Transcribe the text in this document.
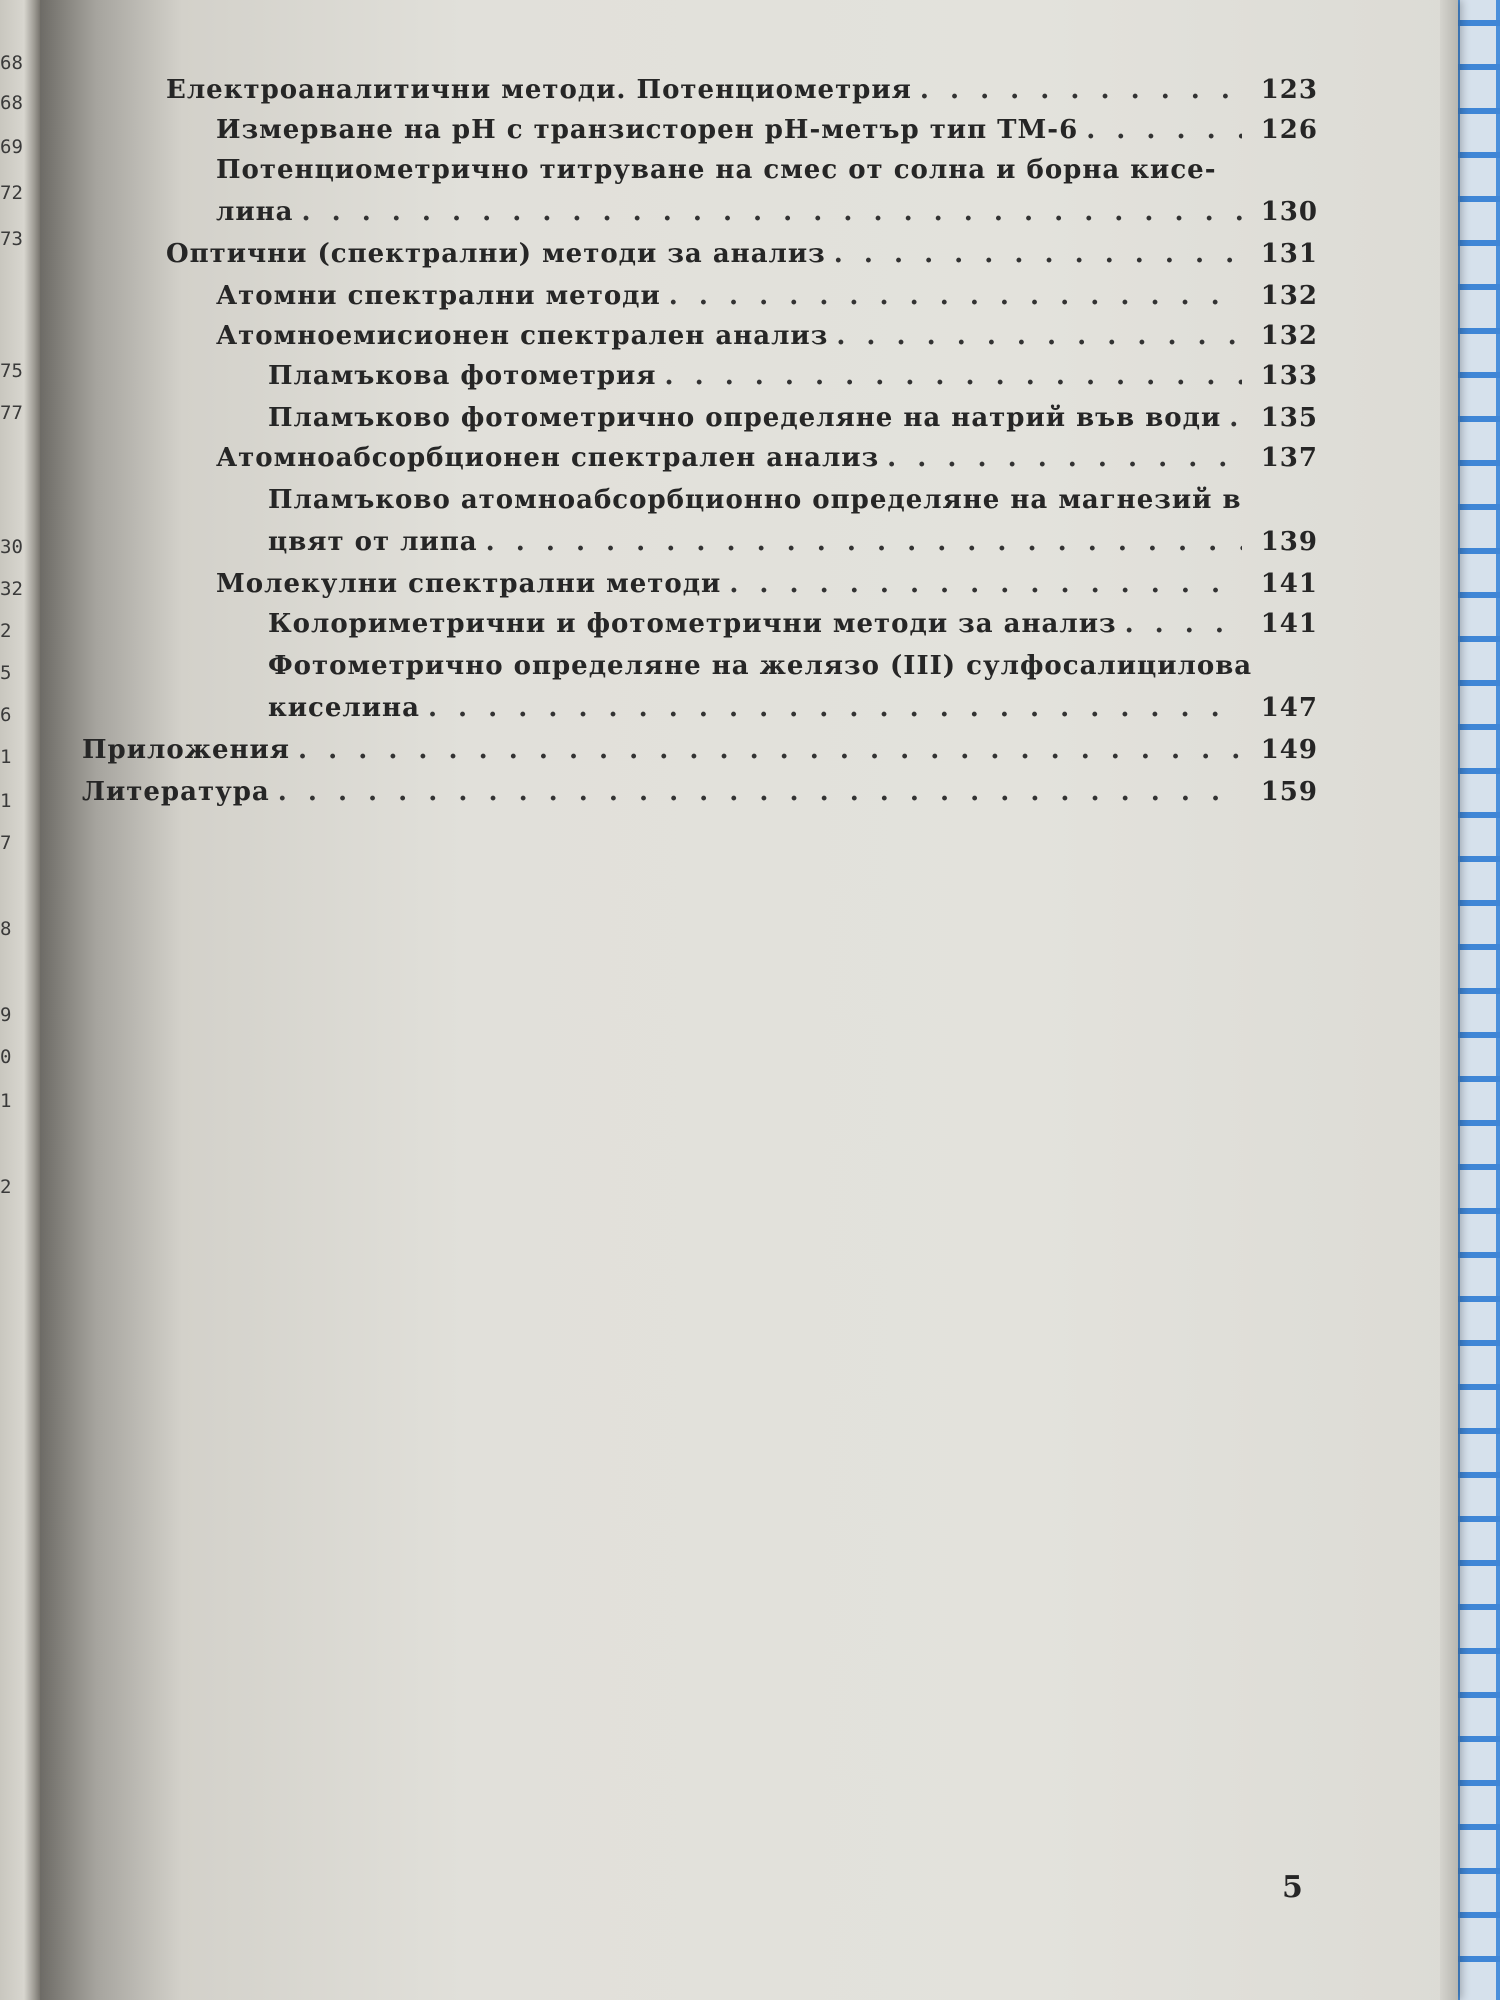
68
68
69
72
73
75
77
30
32
2
5
6
1
1
7
8
9
0
1
2
Електроаналитични методи. Потенциометрия . . .	123
Измерване на pH с транзисторен pH-метър тип ТМ-6 . . .	126
Потенциометрично титруване на смес от солна и борна кисе-
лина . . .	130
Оптични (спектрални) методи за анализ . . .	131
Атомни спектрални методи . . .	132
Атомноемисионен спектрален анализ . . .	132
Пламъкова фотометрия . . .	133
Пламъково фотометрично определяне на натрий във води . . .	135
Атомноабсорбционен спектрален анализ . . .	137
Пламъково атомноабсорбционно определяне на магнезий в
цвят от липа . . .	139
Молекулни спектрални методи . . .	141
Колориметрични и фотометрични методи за анализ . . .	141
Фотометрично определяне на желязо (III) сулфосалицилова
киселина . . .	147
Приложения . . .	149
Литература . . .	159
5
